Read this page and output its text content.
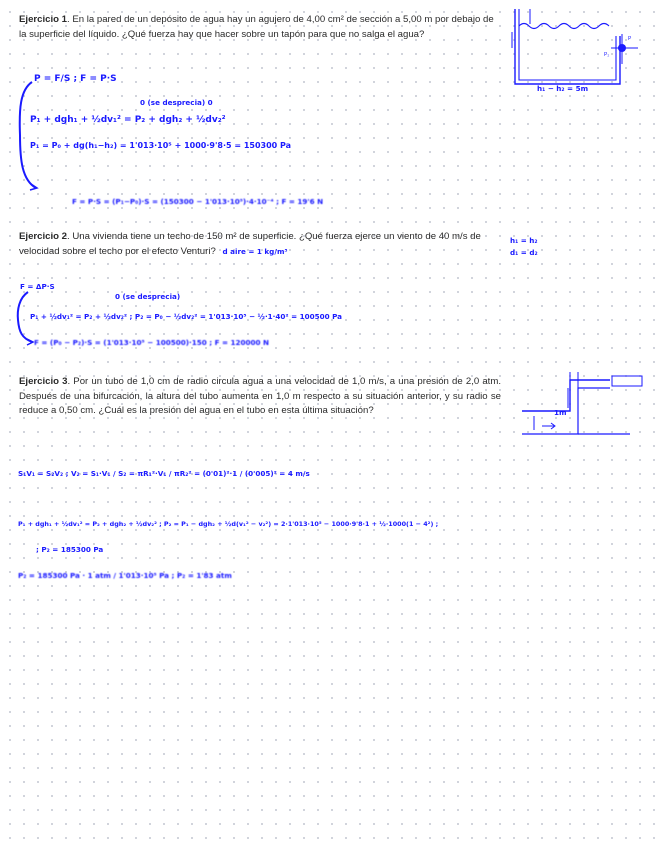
Ejercicio 1. En la pared de un depósito de agua hay un agujero de 4,00 cm² de sección a 5,00 m por debajo de la superficie del líquido. ¿Qué fuerza hay que hacer sobre un tapón para que no salga el agua?	P
P₂
h₁ − h₂ = 5m
P = F/S ; F = P·S
0 (se desprecia) 0
P₁ + dgh₁ + ½dv₁² = P₂ + dgh₂ + ½dv₂²
P₁ = P₀ + dg(h₁−h₂) = 1'013·10⁵ + 1000·9'8·5 = 150300 Pa
F = P·S = (P₁−P₀)·S = (150300 − 1'013·10⁵)·4·10⁻⁴ ; F = 19'6 N
Ejercicio 2. Una vivienda tiene un techo de 150 m² de superficie. ¿Qué fuerza ejerce un viento de 40 m/s de velocidad sobre el techo por el efecto Venturi? d aire = 1 kg/m³
h₁ = h₂
d₁ = d₂
F = ΔP·S
0 (se desprecia)
P₁ + ½dv₁² = P₂ + ½dv₂² ; P₂ = P₀ − ½dv₂² = 1'013·10⁵ − ½·1·40² = 100500 Pa
F = (P₀ − P₂)·S = (1'013·10⁵ − 100500)·150 ; F = 120000 N
Ejercicio 3. Por un tubo de 1,0 cm de radio circula agua a una velocidad de 1,0 m/s, a una presión de 2,0 atm. Después de una bifurcación, la altura del tubo aumenta en 1,0 m respecto a su situación anterior, y su radio se reduce a 0,50 cm. ¿Cuál es la presión del agua en el tubo en esta última situación?	1m
S₁V₁ = S₂V₂ ; V₂ = S₁·V₁ / S₂ = πR₁²·V₁ / πR₂² = (0'01)²·1 / (0'005)² = 4 m/s
P₁ + dgh₁ + ½dv₁² = P₂ + dgh₂ + ½dv₂² ; P₂ = P₁ − dgh₂ + ½d(v₁² − v₂²) = 2·1'013·10⁵ − 1000·9'8·1 + ½·1000(1 − 4²) ;
; P₂ = 185300 Pa
P₂ = 185300 Pa · 1 atm / 1'013·10⁵ Pa ; P₂ = 1'83 atm
